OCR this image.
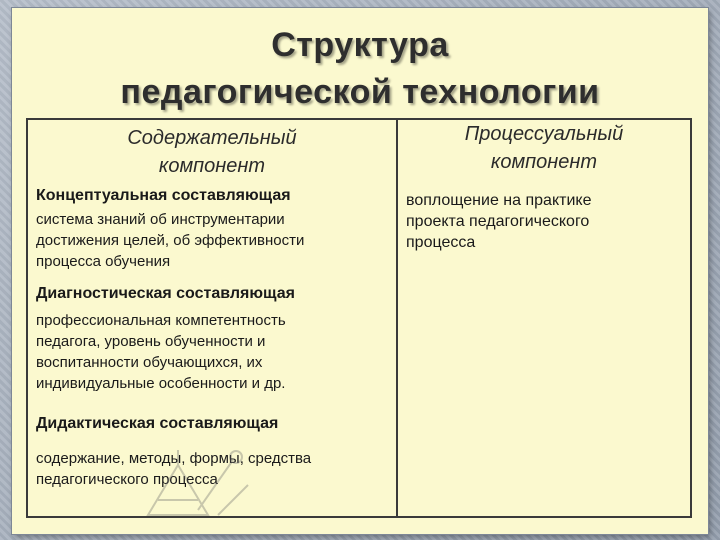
Структура
педагогической технологии
Содержательный
компонент
Концептуальная составляющая
система знаний об инструментарии
достижения целей, об эффективности
процесса обучения
Диагностическая составляющая
профессиональная компетентность
педагога, уровень обученности и
воспитанности обучающихся, их
индивидуальные особенности и др.
Дидактическая составляющая
содержание, методы, формы, средства
педагогического процесса
Процессуальный
компонент
воплощение на практике
проекта педагогического
процесса
